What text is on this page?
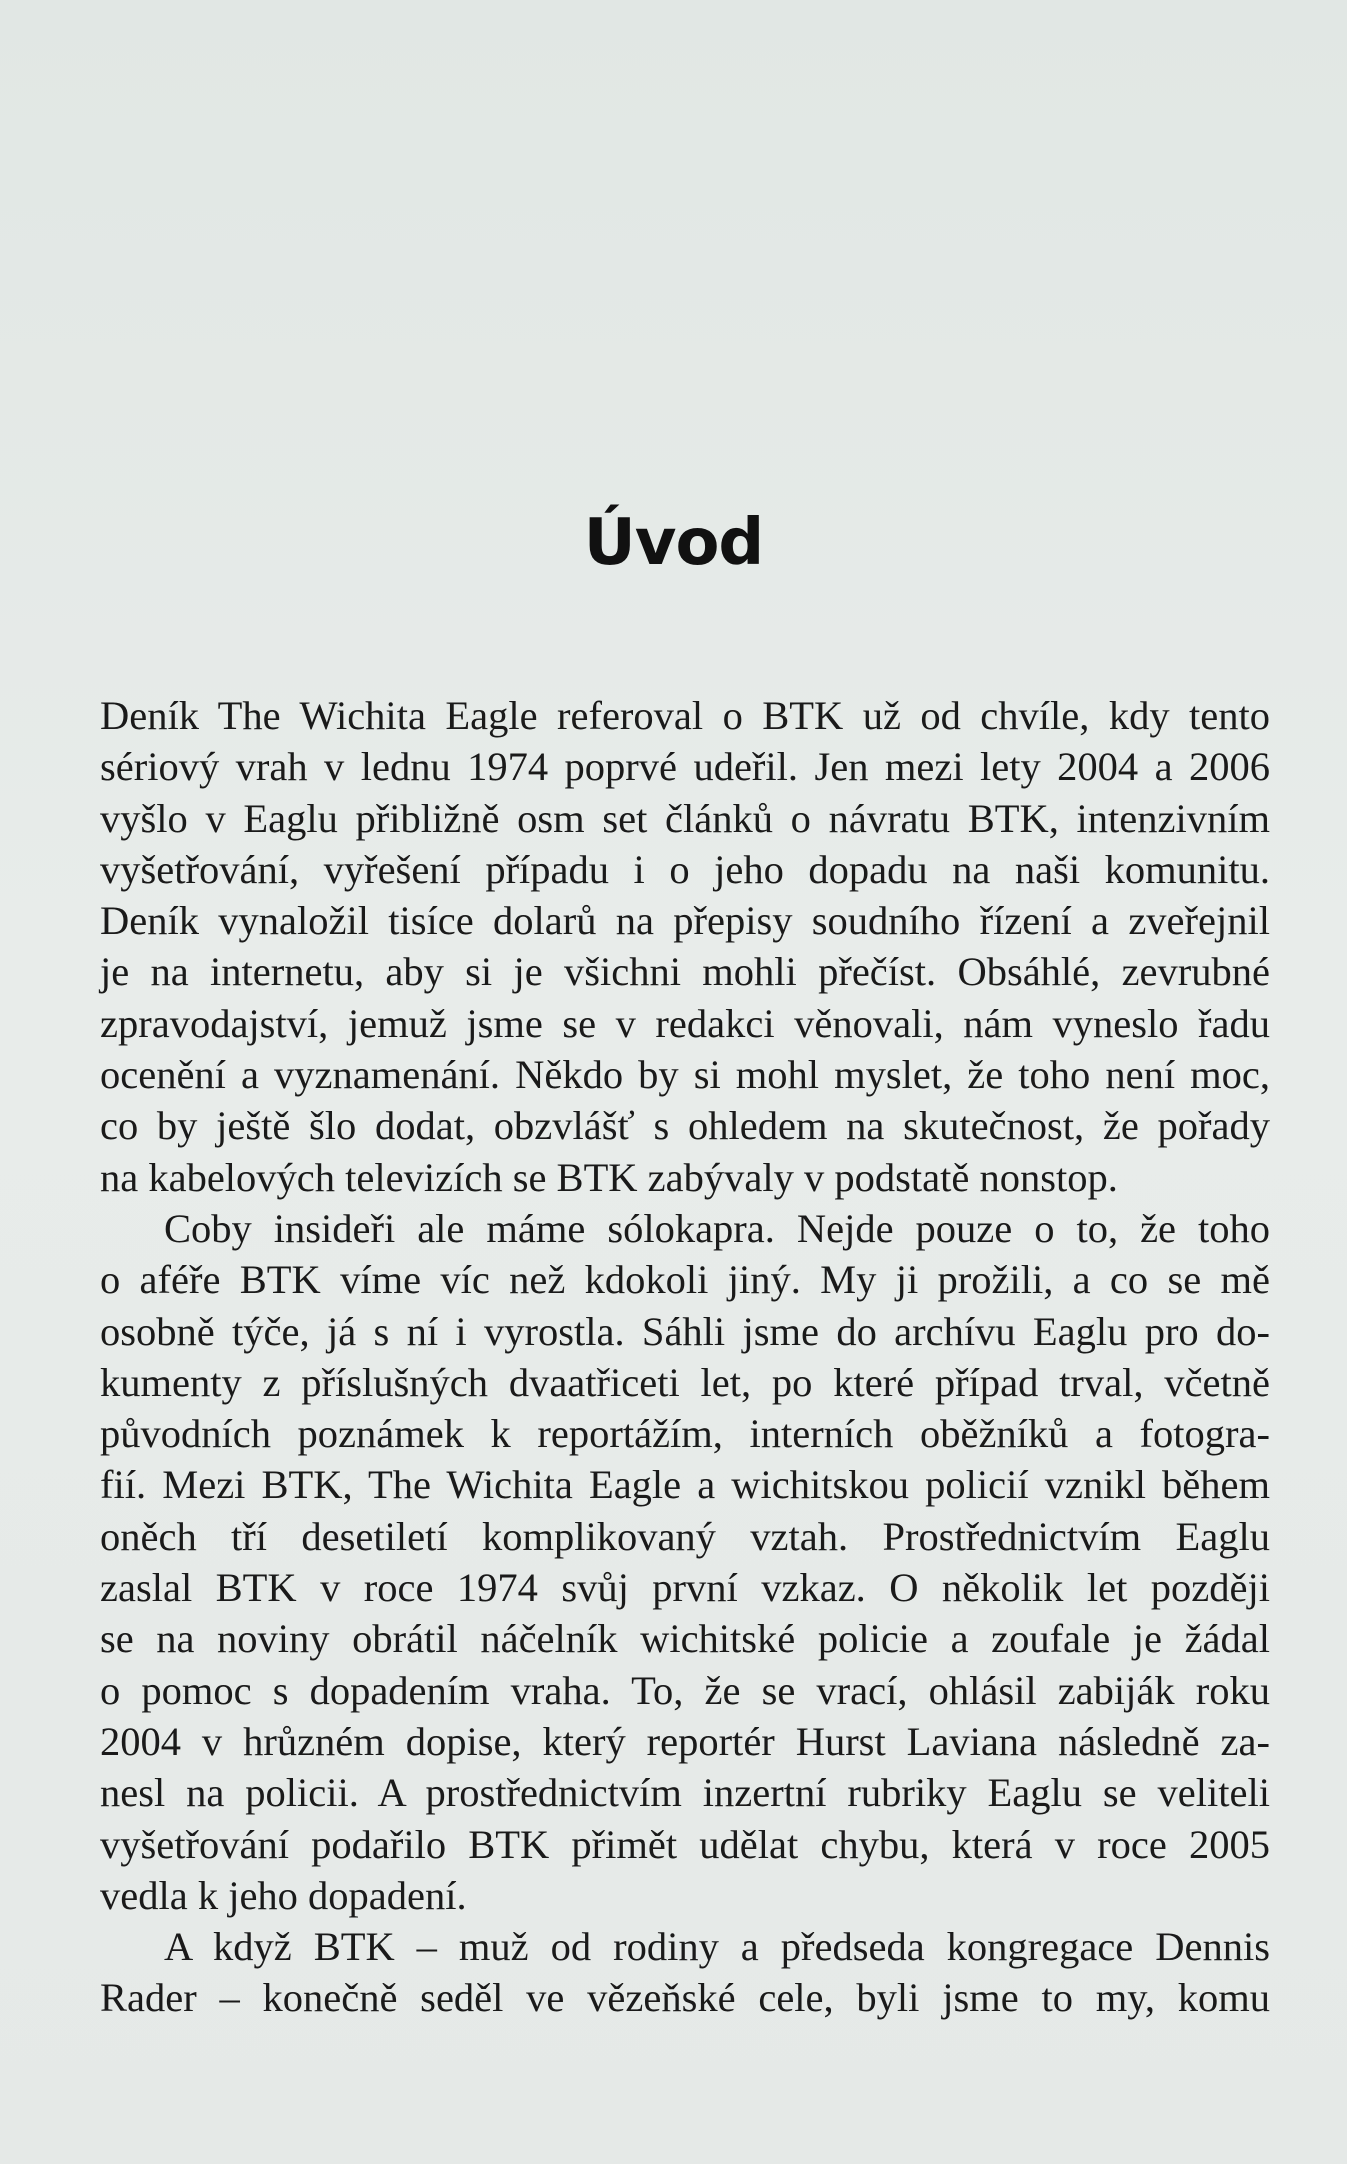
Úvod
Deník The Wichita Eagle referoval o BTK už od chvíle, kdy tento
sériový vrah v lednu 1974 poprvé udeřil. Jen mezi lety 2004 a 2006
vyšlo v Eaglu přibližně osm set článků o návratu BTK, intenzivním
vyšetřování, vyřešení případu i o jeho dopadu na naši komunitu.
Deník vynaložil tisíce dolarů na přepisy soudního řízení a zveřejnil
je na internetu, aby si je všichni mohli přečíst. Obsáhlé, zevrubné
zpravodajství, jemuž jsme se v redakci věnovali, nám vyneslo řadu
ocenění a vyznamenání. Někdo by si mohl myslet, že toho není moc,
co by ještě šlo dodat, obzvlášť s ohledem na skutečnost, že pořady
na kabelových televizích se BTK zabývaly v podstatě nonstop.
Coby insideři ale máme sólokapra. Nejde pouze o to, že toho
o aféře BTK víme víc než kdokoli jiný. My ji prožili, a co se mě
osobně týče, já s ní i vyrostla. Sáhli jsme do archívu Eaglu pro do-
kumenty z příslušných dvaatřiceti let, po které případ trval, včetně
původních poznámek k reportážím, interních oběžníků a fotogra-
fií. Mezi BTK, The Wichita Eagle a wichitskou policií vznikl během
oněch tří desetiletí komplikovaný vztah. Prostřednictvím Eaglu
zaslal BTK v roce 1974 svůj první vzkaz. O několik let později
se na noviny obrátil náčelník wichitské policie a zoufale je žádal
o pomoc s dopadením vraha. To, že se vrací, ohlásil zabiják roku
2004 v hrůzném dopise, který reportér Hurst Laviana následně za-
nesl na policii. A prostřednictvím inzertní rubriky Eaglu se veliteli
vyšetřování podařilo BTK přimět udělat chybu, která v roce 2005
vedla k jeho dopadení.
A když BTK – muž od rodiny a předseda kongregace Dennis
Rader – konečně seděl ve vězeňské cele, byli jsme to my, komu
